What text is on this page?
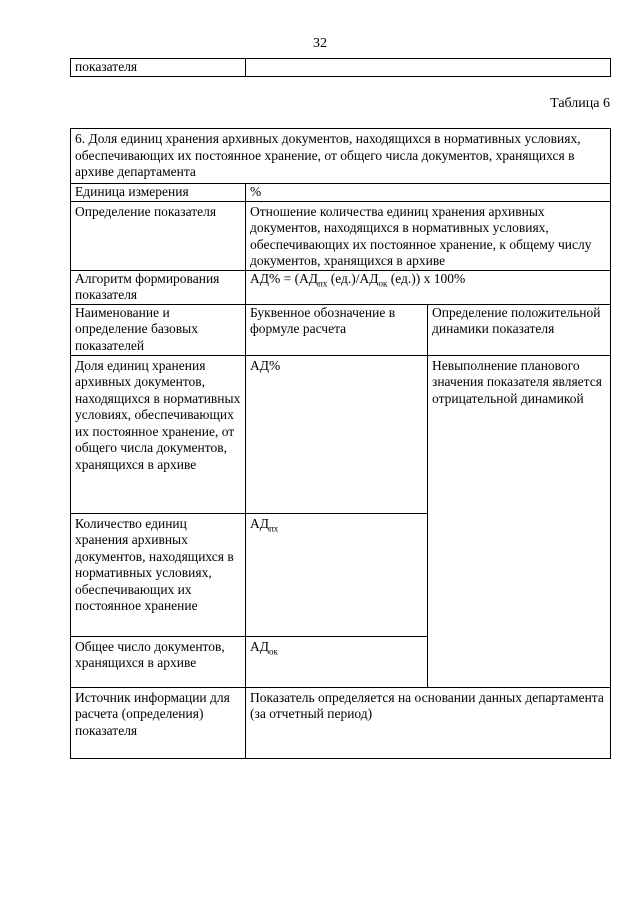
32
показателя	
Таблица 6
6. Доля единиц хранения архивных документов, находящихся в нормативных условиях, обеспечивающих их постоянное хранение, от общего числа документов, хранящихся в архиве департамента		
Единица измерения	%	
Определение показателя	Отношение количества единиц хранения архивных документов, находящихся в нормативных условиях, обеспечивающих их постоянное хранение, к общему числу документов, хранящихся в архиве	
Алгоритм формирования показателя	$АД\% = (АД_{пх}$ $(ед.)/АД_{ок}$ (ед.)) x 100%	
Наименование и определение базовых показателей	Буквенное обозначение в формуле расчета	Определение положительной динамики показателя
Доля единиц хранения архивных документов, находящихся в нормативных условиях, обеспечивающих их постоянное хранение, от общего числа документов, хранящихся в архиве	АД%	Невыполнение планового значения показателя является отрицательной динамикой
Количество единиц хранения архивных документов, находящихся в нормативных условиях, обеспечивающих их постоянное хранение	$АД_{пх}$
Общее число документов, хранящихся в архиве	$АД_{ок}$
Источник информации для расчета (определения) показателя	Показатель определяется на основании данных департамента (за отчетный период)	
